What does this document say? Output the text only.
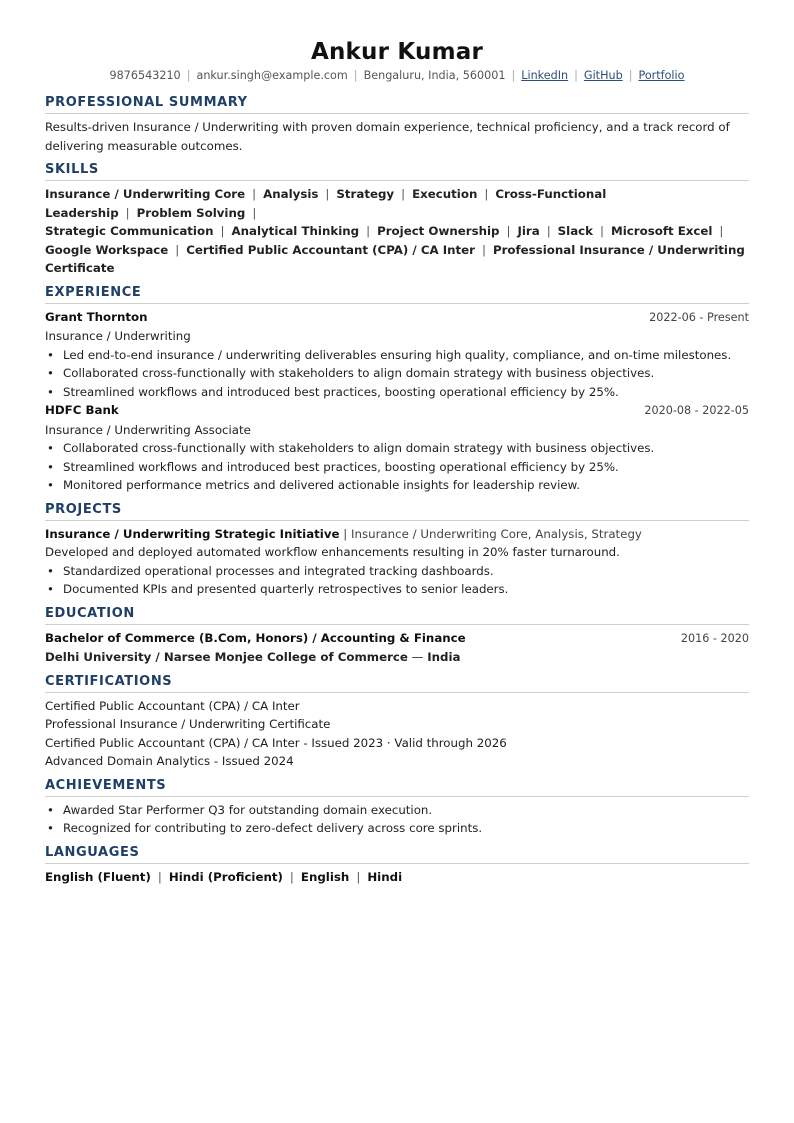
Ankur Kumar
9876543210 | ankur.singh@example.com | Bengaluru, India, 560001 | LinkedIn | GitHub | Portfolio
PROFESSIONAL SUMMARY
Results-driven Insurance / Underwriting with proven domain experience, technical proficiency, and a track record of delivering measurable outcomes.
SKILLS
Insurance / Underwriting Core | Analysis | Strategy | Execution | Cross-Functional Leadership | Problem Solving |
Strategic Communication | Analytical Thinking | Project Ownership | Jira | Slack | Microsoft Excel |
Google Workspace | Certified Public Accountant (CPA) / CA Inter | Professional Insurance / Underwriting Certificate
EXPERIENCE
Grant Thornton	2022-06 - Present
Insurance / Underwriting
• Led end-to-end insurance / underwriting deliverables ensuring high quality, compliance, and on-time milestones.
• Collaborated cross-functionally with stakeholders to align domain strategy with business objectives.
• Streamlined workflows and introduced best practices, boosting operational efficiency by 25%.
HDFC Bank	2020-08 - 2022-05
Insurance / Underwriting Associate
• Collaborated cross-functionally with stakeholders to align domain strategy with business objectives.
• Streamlined workflows and introduced best practices, boosting operational efficiency by 25%.
• Monitored performance metrics and delivered actionable insights for leadership review.
PROJECTS
Insurance / Underwriting Strategic Initiative | Insurance / Underwriting Core, Analysis, Strategy
Developed and deployed automated workflow enhancements resulting in 20% faster turnaround.
• Standardized operational processes and integrated tracking dashboards.
• Documented KPIs and presented quarterly retrospectives to senior leaders.
EDUCATION
Bachelor of Commerce (B.Com, Honors) / Accounting & Finance	2016 - 2020
Delhi University / Narsee Monjee College of Commerce — India
CERTIFICATIONS
Certified Public Accountant (CPA) / CA Inter
Professional Insurance / Underwriting Certificate
Certified Public Accountant (CPA) / CA Inter - Issued 2023 · Valid through 2026
Advanced Domain Analytics - Issued 2024
ACHIEVEMENTS
• Awarded Star Performer Q3 for outstanding domain execution.
• Recognized for contributing to zero-defect delivery across core sprints.
LANGUAGES
English (Fluent) | Hindi (Proficient) | English | Hindi
